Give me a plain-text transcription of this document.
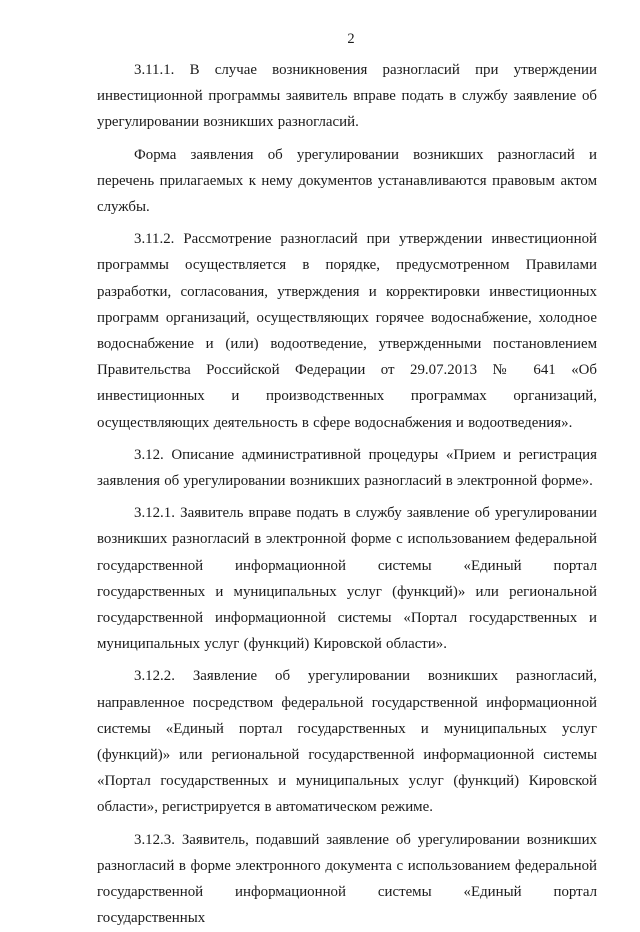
2

3.11.1. В случае возникновения разногласий при утверждении инвестиционной программы заявитель вправе подать в службу заявление об урегулировании возникших разногласий.

Форма заявления об урегулировании возникших разногласий и перечень прилагаемых к нему документов устанавливаются правовым актом службы.

3.11.2. Рассмотрение разногласий при утверждении инвестиционной программы осуществляется в порядке, предусмотренном Правилами разработки, согласования, утверждения и корректировки инвестиционных программ организаций, осуществляющих горячее водоснабжение, холодное водоснабжение и (или) водоотведение, утвержденными постановлением Правительства Российской Федерации от 29.07.2013 № 641 «Об инвестиционных и производственных программах организаций, осуществляющих деятельность в сфере водоснабжения и водоотведения».

3.12. Описание административной процедуры «Прием и регистрация заявления об урегулировании возникших разногласий в электронной форме».

3.12.1. Заявитель вправе подать в службу заявление об урегулировании возникших разногласий в электронной форме с использованием федеральной государственной информационной системы «Единый портал государственных и муниципальных услуг (функций)» или региональной государственной информационной системы «Портал государственных и муниципальных услуг (функций) Кировской области».

3.12.2. Заявление об урегулировании возникших разногласий, направленное посредством федеральной государственной информационной системы «Единый портал государственных и муниципальных услуг (функций)» или региональной государственной информационной системы «Портал государственных и муниципальных услуг (функций) Кировской области», регистрируется в автоматическом режиме.

3.12.3. Заявитель, подавший заявление об урегулировании возникших разногласий в форме электронного документа с использованием федеральной государственной информационной системы «Единый портал государственных
